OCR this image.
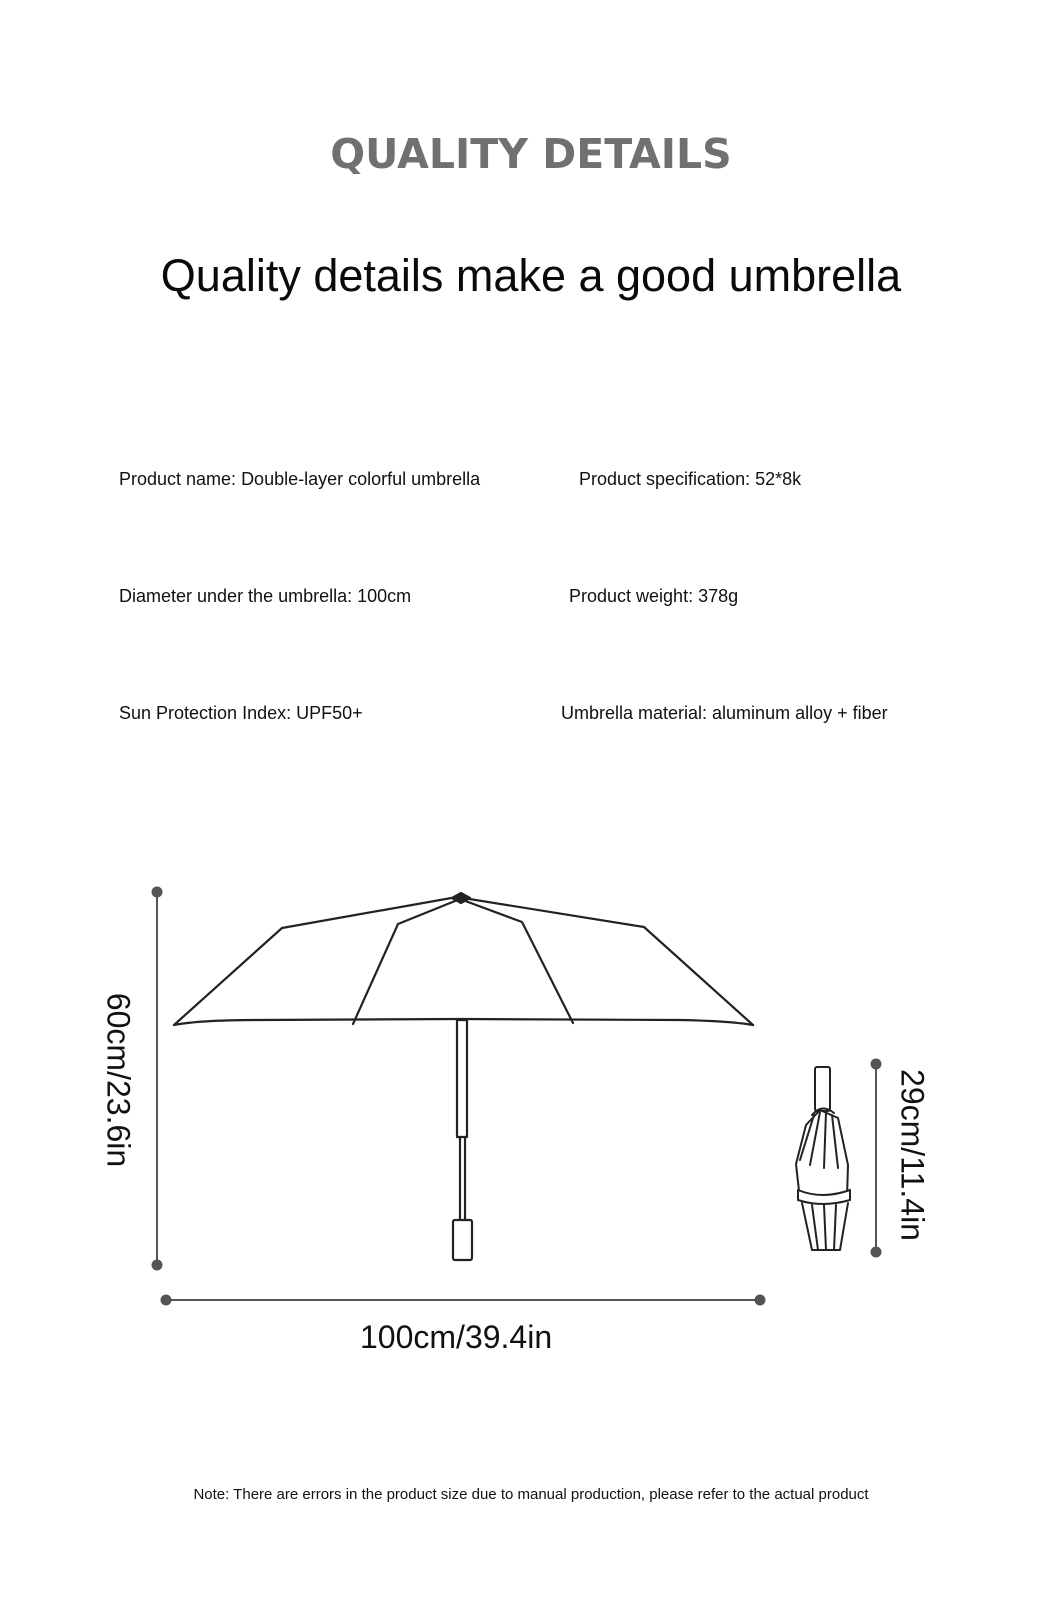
QUALITY DETAILS
Quality details make a good umbrella
Product name: Double-layer colorful umbrella	Product specification: 52*8k
Diameter under the umbrella: 100cm	Product weight: 378g
Sun Protection Index: UPF50+	Umbrella material: aluminum alloy + fiber
60cm/23.6in
100cm/39.4in
29cm/11.4in
Note: There are errors in the product size due to manual production, please refer to the actual product
